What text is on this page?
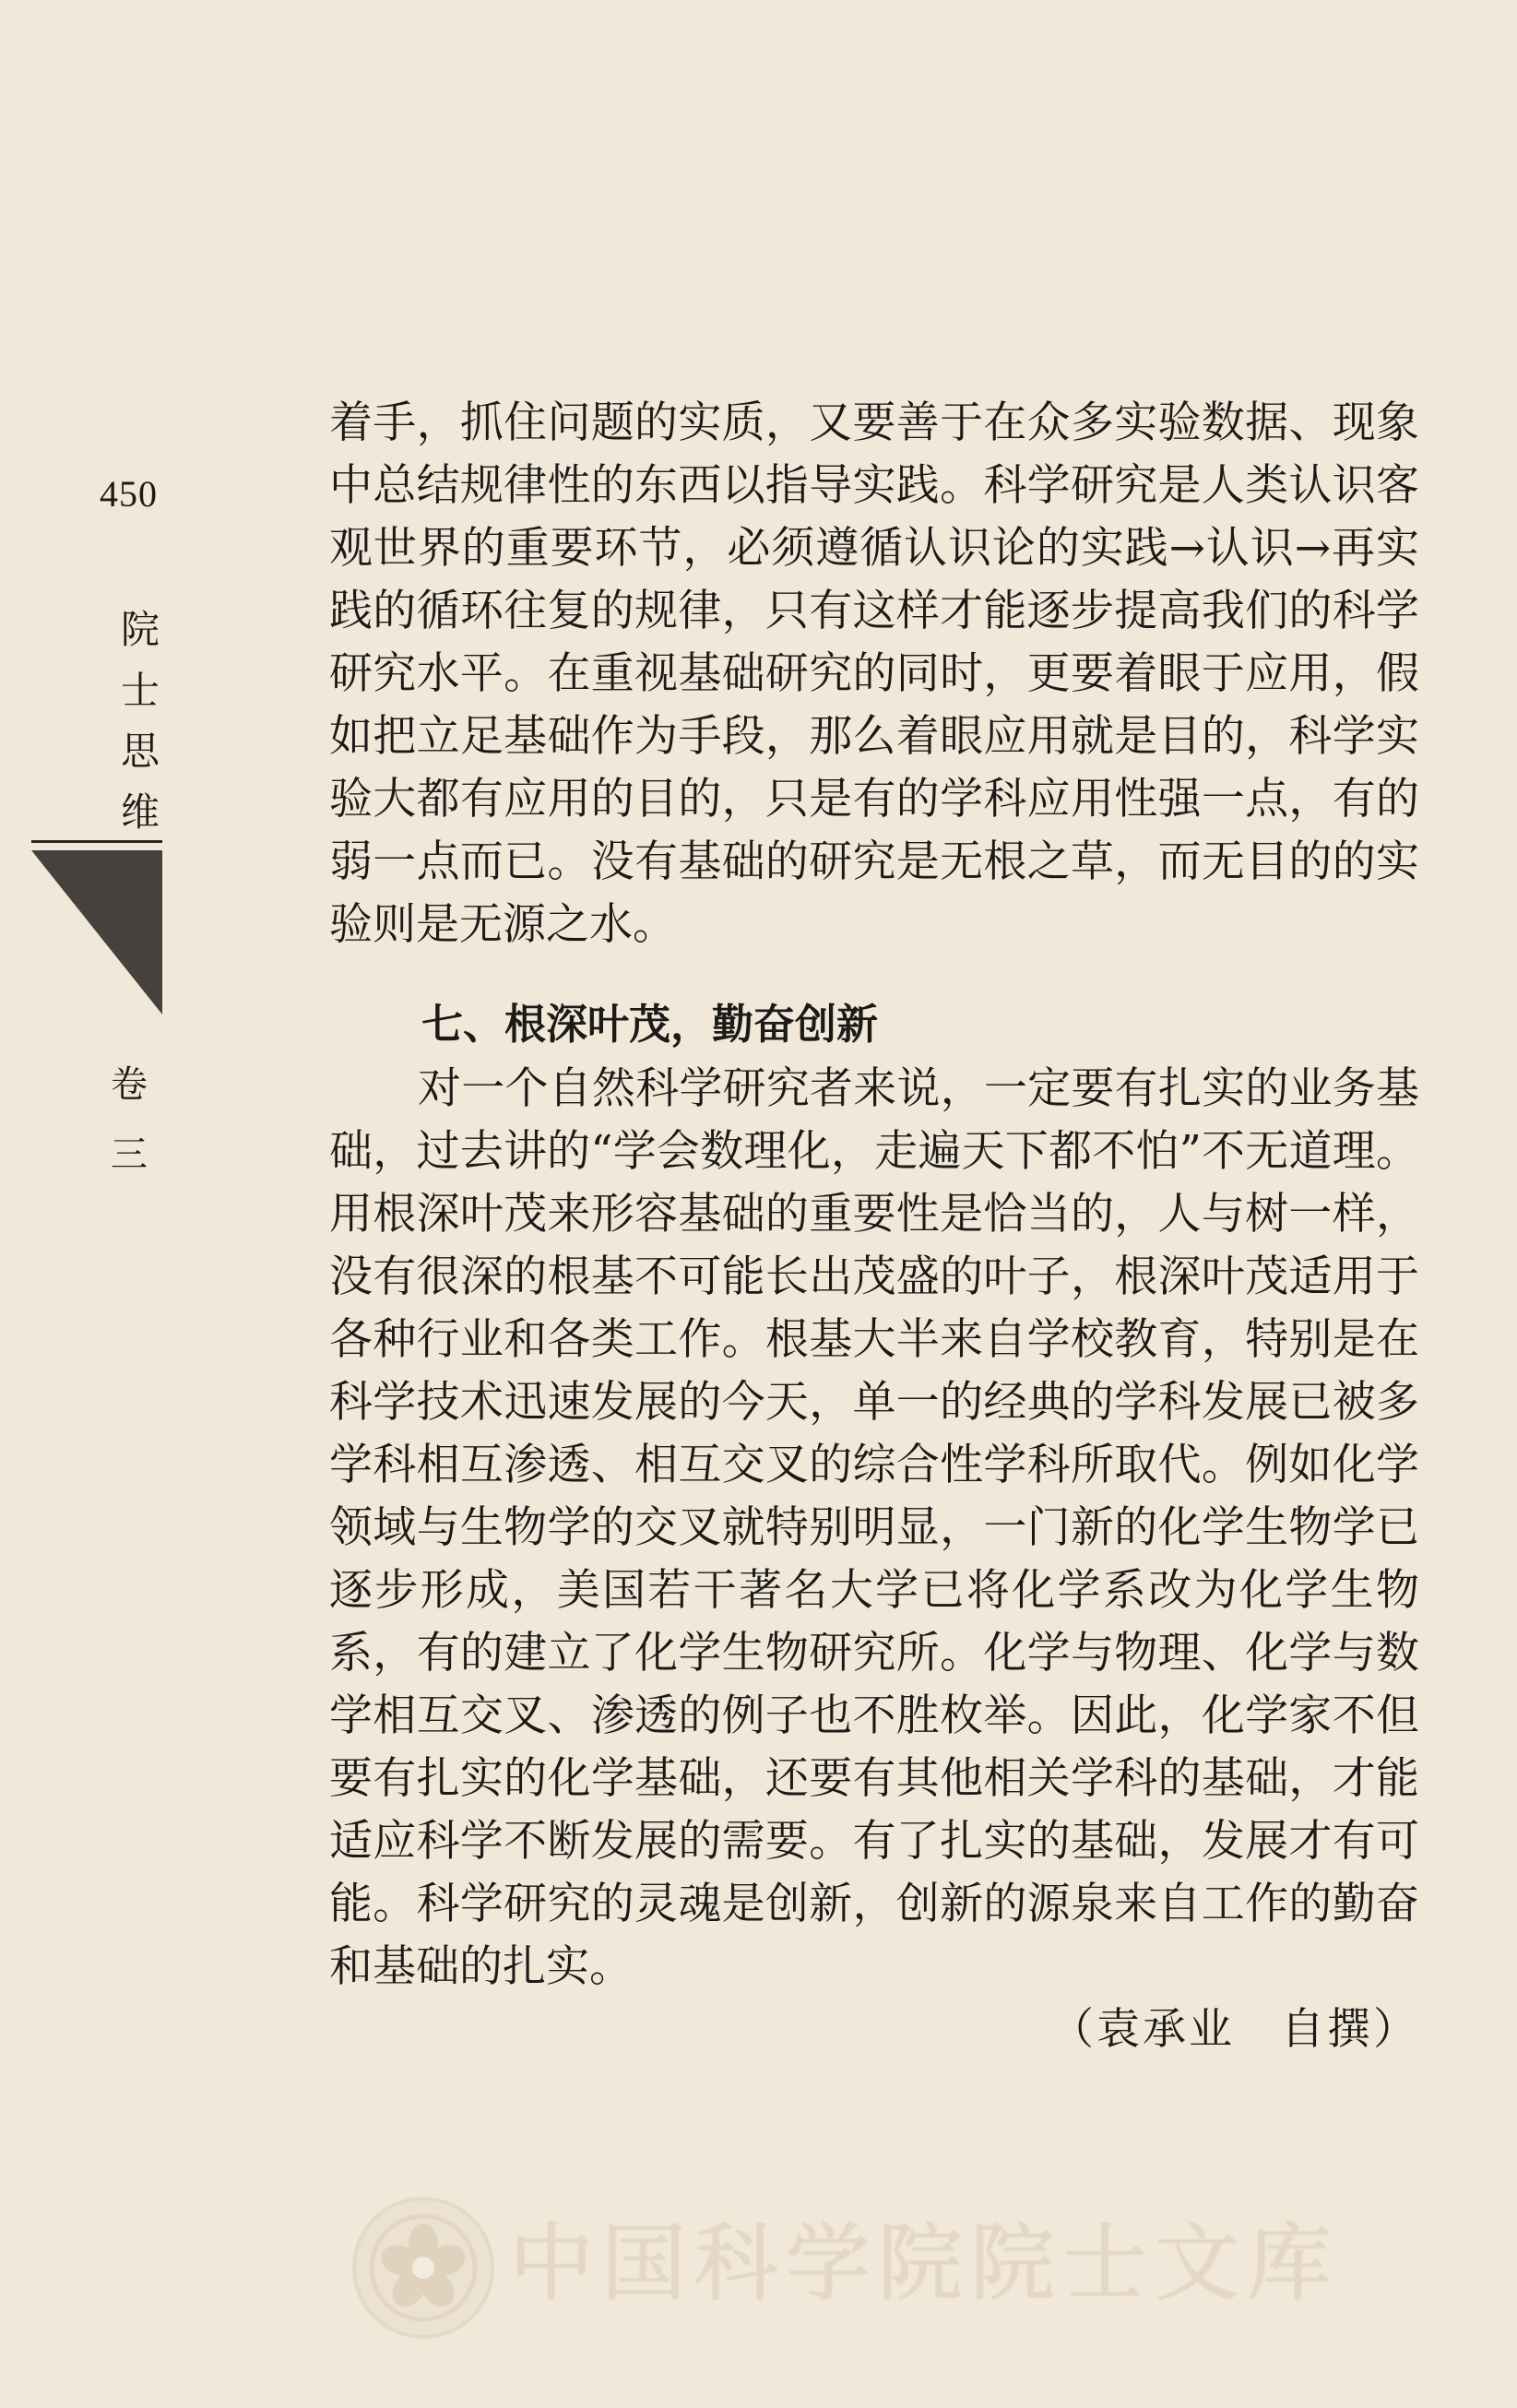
450
院
士
思
维
卷
三

着手，抓住问题的实质，又要善于在众多实验数据、现象中总结规律性的东西以指导实践。科学研究是人类认识客观世界的重要环节，必须遵循认识论的实践→认识→再实践的循环往复的规律，只有这样才能逐步提高我们的科学研究水平。在重视基础研究的同时，更要着眼于应用，假如把立足基础作为手段，那么着眼应用就是目的，科学实验大都有应用的目的，只是有的学科应用性强一点，有的弱一点而已。没有基础的研究是无根之草，而无目的的实验则是无源之水。

七、根深叶茂，勤奋创新

对一个自然科学研究者来说，一定要有扎实的业务基础，过去讲的“学会数理化，走遍天下都不怕”不无道理。用根深叶茂来形容基础的重要性是恰当的，人与树一样，没有很深的根基不可能长出茂盛的叶子，根深叶茂适用于各种行业和各类工作。根基大半来自学校教育，特别是在科学技术迅速发展的今天，单一的经典的学科发展已被多学科相互渗透、相互交叉的综合性学科所取代。例如化学领域与生物学的交叉就特别明显，一门新的化学生物学已逐步形成，美国若干著名大学已将化学系改为化学生物系，有的建立了化学生物研究所。化学与物理、化学与数学相互交叉、渗透的例子也不胜枚举。因此，化学家不但要有扎实的化学基础，还要有其他相关学科的基础，才能适应科学不断发展的需要。有了扎实的基础，发展才有可能。科学研究的灵魂是创新，创新的源泉来自工作的勤奋和基础的扎实。

（袁承业　自撰）

中国科学院院士文库
